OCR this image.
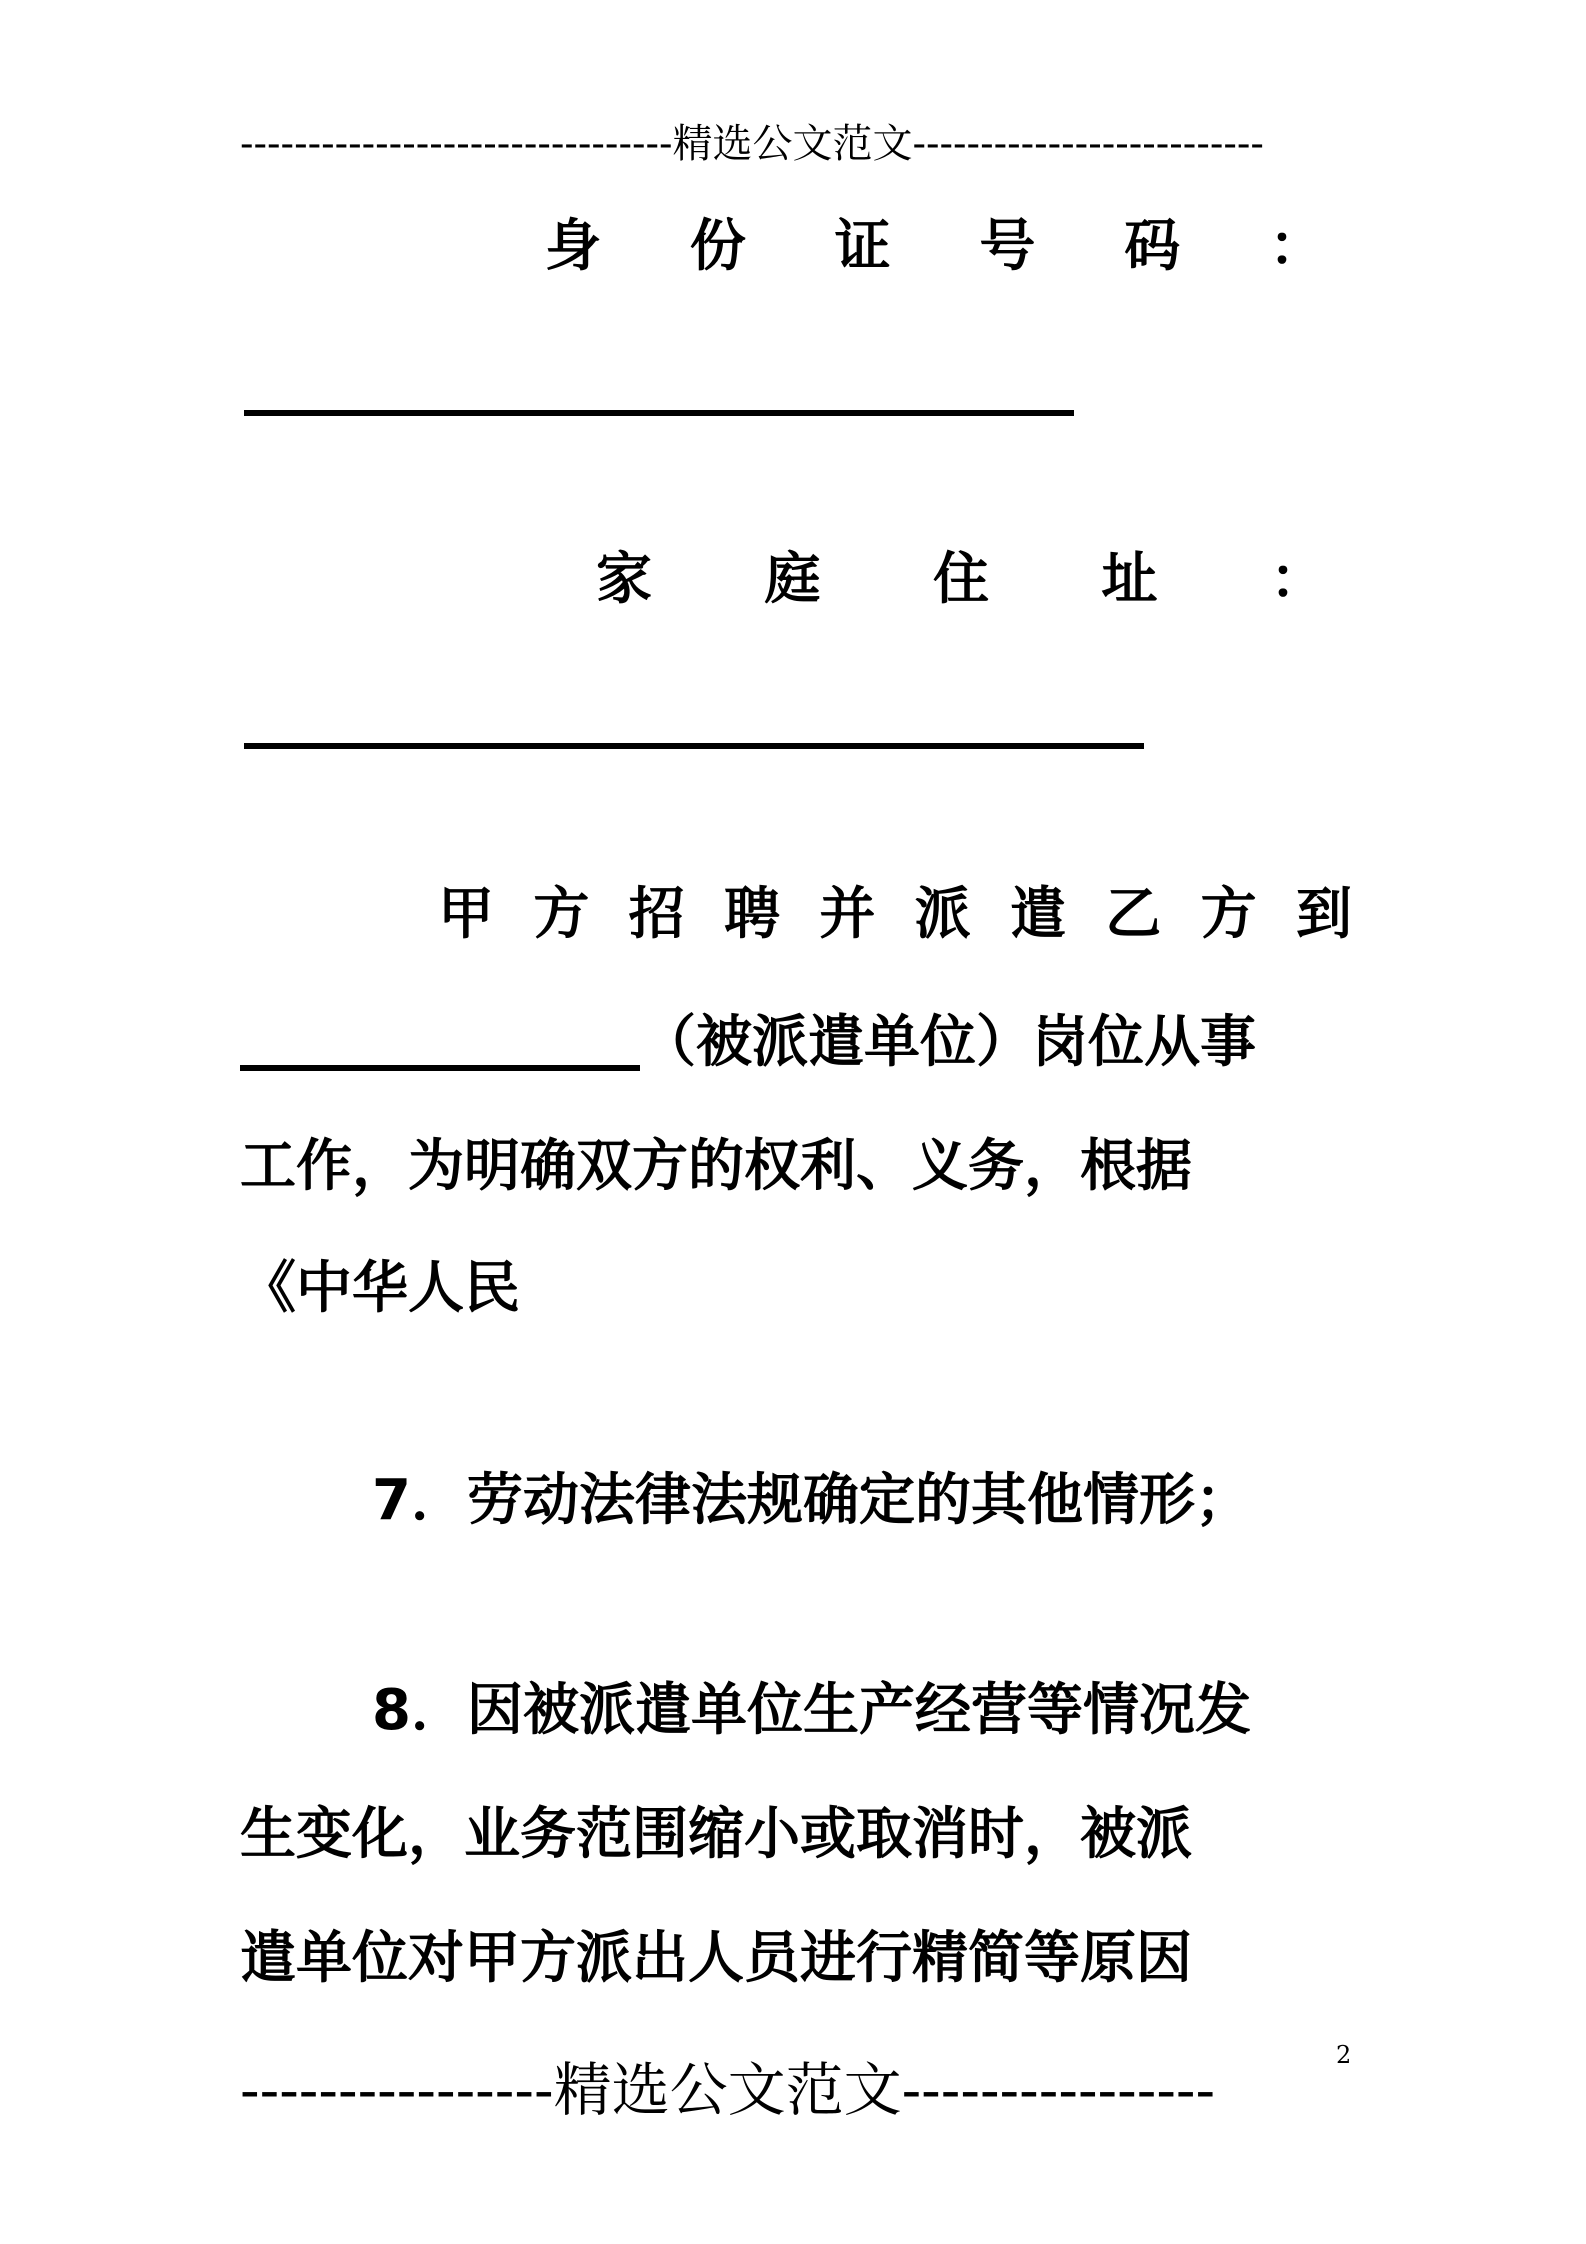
--------------------------------精选公文范文--------------------------
身 份 证 号 码 ：
家 庭 住 址 ：
甲 方 招 聘 并 派 遣 乙 方 到
（被派遣单位）岗位从事
工作，为明确双方的权利、义务，根据
《中华人民
7．劳动法律法规确定的其他情形；
8．因被派遣单位生产经营等情况发
生变化，业务范围缩小或取消时，被派
遣单位对甲方派出人员进行精简等原因
2
----------------精选公文范文----------------
